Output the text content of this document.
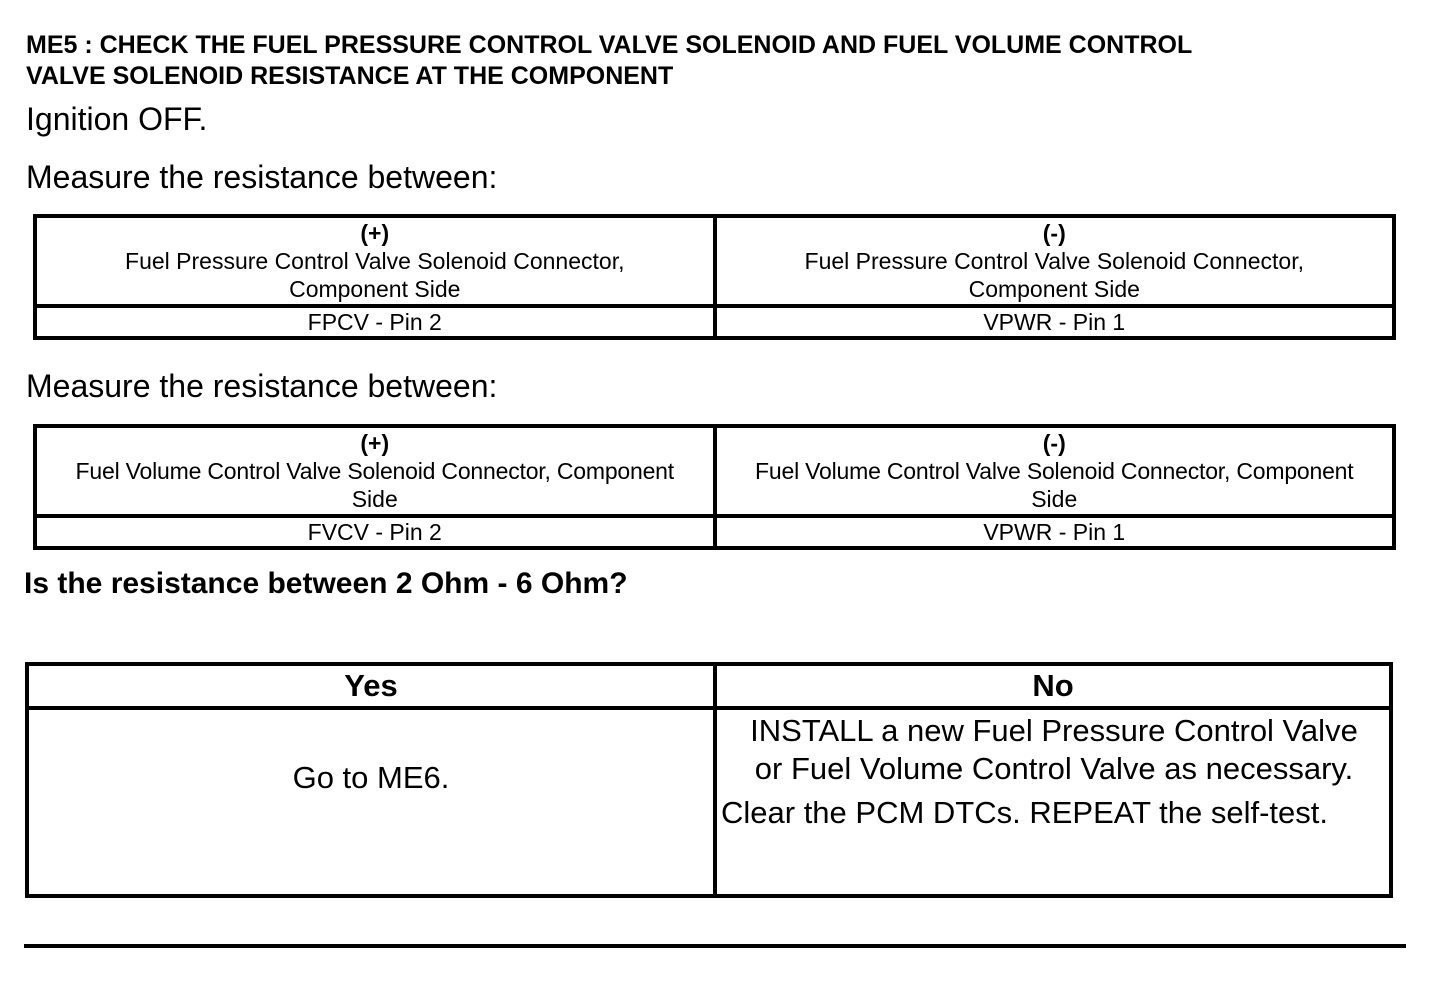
ME5 : CHECK THE FUEL PRESSURE CONTROL VALVE SOLENOID AND FUEL VOLUME CONTROL
VALVE SOLENOID RESISTANCE AT THE COMPONENT
Ignition OFF.
Measure the resistance between:
(+)
Fuel Pressure Control Valve Solenoid Connector,
Component Side	(-)
Fuel Pressure Control Valve Solenoid Connector,
Component Side

FPCV - Pin 2	VPWR - Pin 1
Measure the resistance between:
(+)
Fuel Volume Control Valve Solenoid Connector, Component
Side	(-)
Fuel Volume Control Valve Solenoid Connector, Component
Side

FVCV - Pin 2	VPWR - Pin 1
Is the resistance between 2 Ohm - 6 Ohm?
Yes	No
Go to ME6.	INSTALL a new Fuel Pressure Control Valve
or Fuel Volume Control Valve as necessary.
Clear the PCM DTCs. REPEAT the self-test.
